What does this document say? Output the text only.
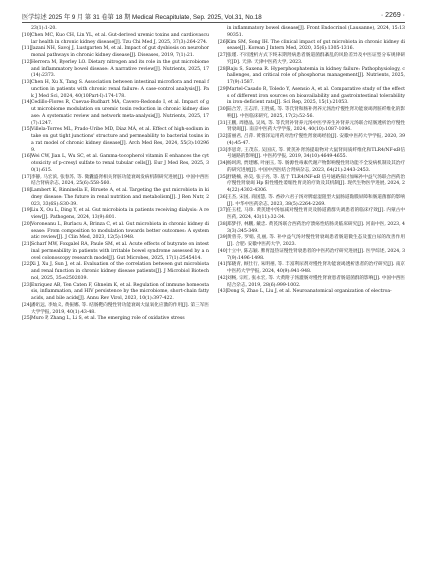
医学综述 2025 年 9 月 第 31 卷第 18 期 Medical Recapitulate, Sep. 2025, Vol.31, No.18	· 2269 ·
23(1):1-20.
[10] Chen MC, Kuo CH, Lin YL, et al. Gut-derived uremic toxins and cardiovascular health in chronic kidney disease[J]. Tzu Chi Med J, 2025, 37(3):264-274.
[11] Jazani NH, Savoj J, Lustgarten M, et al. Impact of gut dysbiosis on neurohormonal pathways in chronic kidney disease[J]. Diseases, 2019, 7(1):21.
[12] Herrera M, Byerley LO. Dietary nitrogen and its role in the gut microbiome and inflammatory bowel disease: A narrative review[J]. Nutrients, 2025, 17(14):2373.
[13] Chen H, Xu X, Tang S. Association between intestinal microflora and renal function in patients with chronic renal failure: A case-control analysis[J]. Pak J Med Sci, 2024, 40(10Part-I):174-178.
[14] Cedillo-Flores R, Cuevas-Budhart MA, Cavero-Redondo I, et al. Impact of gut microbiome modulation on uremic toxin reduction in chronic kidney disease: A systematic review and network meta-analysis[J]. Nutrients, 2025, 17(7):1247.
[15] Villela-Torres ML, Prado-Uribe MD, Díaz MÁ, et al. Effect of high-sodium intake on gut tight junctions' structure and permeability to bacterial toxins in a rat model of chronic kidney disease[J]. Arch Med Res, 2024, 55(3):102969.
[16] Wei CW, Jian L, Wu SC, et al. Gamma-tocopherol vitamin E enhances the cytotoxicity of p-cresyl sulfate to renal tubular cells[J]. Eur J Med Res, 2025, 30(1):615.
[17] 李静, 马宏滨, 张春苏, 等. 微囊盛肾相关肾脏功能衰竭发病机制研究进展[J]. 中国中西医结合肾病杂志, 2024, 25(6):558-560.
[18] Lambert K, Rinninella E, Biruete A, et al. Targeting the gut microbiota in kidney disease: The future in renal nutrition and metabolism[J]. J Ren Nutr, 2023, 33(6S):S30-39.
[19] Liu X, Ou L, Ding Y, et al. Gut microbiota in patients receiving dialysis: A review[J]. Pathogens, 2024, 13(9):801.
[20] Voroneanu L, Burlacu A, Brinza C, et al. Gut microbiota in chronic kidney disease: From composition to modulation towards better outcomes: A systematic review[J]. J Clin Med, 2023, 12(5):1948.
[21] Scharf MW, Foxgalel RA, Paule SM, et al. Acute effects of butyrate on intestinal permeability in patients with irritable bowel syndrome assessed by a novel colonoscopy research model[J]. Gut Microbes, 2025, 17(1):2545414.
[22] Xi J, Xu J, Sun J, et al. Evaluation of the correlation between gut microbiota and renal function in chronic kidney disease patients[J]. J Microbiol Biotechnol, 2025, 35:e2502039.
[23] Enriquez AB, Ten Caten F, Ghneim K, et al. Regulation of immune homeostasis, inflammation, and HIV persistence by the microbiome, short-chain fatty acids, and bile acids[J]. Annu Rev Virol, 2023, 10(1):397-422.
[24] 潘珩远, 李灿义, 黄振娜, 等. 结肠靶向慢性肾功能衰竭大鼠氧化应激的作用[J]. 第三军医大学学报, 2019, 40(1):43-48.
[25] Muro P, Zhang L, Li S, et al. The emerging role of oxidative stress
in inflammatory bowel disease[J]. Front Endocrinol (Lausanne), 2024, 15:1390351.
[26] Kim SM, Song IH. The clinical impact of gut microbiota in chronic kidney disease[J]. Korean J Intern Med, 2020, 35(6):1305-1316.
[27] 张瑾. 不同透析方式下终末期肾病患者肠道菌群紊乱的风险差异及中医证型分布规律研究[D]. 天津: 天津中医药大学, 2023.
[28] Raju S, Saxena R. Hyperphosphatemia in kidney failure: Pathophysiology, challenges, and critical role of phosphorus management[J]. Nutrients, 2025, 17(9):1587.
[29] Martel-Casado R, Toledo Y, Asensio A, et al. Comparative study of the effects of different iron sources on bioavailability and gastrointestinal tolerability in iron-deficient rats[J]. Sci Rep, 2025, 15(1):21053.
[30] 陆合芳, 王志洋, 王胜威, 等. 等氏肾和肠补肾养元汤治疗慢性肾功能衰竭肾脏纤维化的影响[J]. 中医临床研究, 2025, 17(2):52-56.
[31] 王鹏, 周德晶, 吴凤, 等. 等氏肾补肾养元汤中医学养生补肾养元汤联合结肠透析治疗慢性肾衰竭[J]. 南京中医药大学学报, 2024, 40(10):1087-1096.
[32] 雷丽君, 吕萍. 黄蓉泽运用药对治疗慢性肾衰竭经验[J]. 安徽中医药大学学报, 2020, 39(4):45-47.
[33] 李思奇, 王茂东, 吴国庆, 等. 黄芪补肾汤提取物对大鼠肾间质纤维化和TLR4/NF-κB信号通路的影响[J]. 中医药学报, 2019, 34(10):4649-4655.
[34] 杨珂鸿, 贾建娜, 叶丽玉, 等. 肠源性毒素代谢产物影响慢性肾功能不全发病机制及其治疗的研究进展[J]. 中国中西医结合肾病杂志, 2023, 64(21):2443-2453.
[35] 舒晓楠, 孙昊, 张子亮, 等. 基于 TLR4/NF-κB 信号通路探讨加味补中益气汤联合西药治疗慢性肾衰竭 Hp 阳性慢性萎缩性胃炎的疗效及其机制[J]. 现代生物医学进展, 2024, 24(22):4302-4306.
[36] 王杰, 宋国, 商国慧, 等. 香砂六君子汤对脾虚湿阻型大鼠肠道黏膜屏障和肠道菌群的影响[J]. 中华中医药杂志, 2023, 38(5):2264-2269.
[37] 任玉桂, 马珍. 黄芪建中汤加减对慢性胃炎及肠道菌群失调患者的临床疗效[J]. 内蒙古中医药, 2024, 43(11):32-34.
[38] 郑梦抒, 林鹏, 戴忠. 黄芪汤联合西药治疗溃疡性结肠炎临床研究[J]. 河南中医, 2023, 43(3):345-349.
[39] 黄曾芬, 罗娟, 孔丽, 等. 补中益气汤对慢性肾衰竭患者肠道微生态及蛋白尿的改善作用[J]. 合肥: 安徽中医药大学, 2023.
[40] 十立中, 陈志颖. 脾胃湿热证慢性肾衰患者的中医药治疗研究进展[J]. 医学综述, 2024, 37(9):1496-1498.
[41] 邹晓青, 顾仕行, 朱明禧, 等. 丰富利尿剂对慢性肾功能衰竭透析患者的治疗研究[J]. 南京中医药大学学报, 2024, 40(9):941-948.
[42] 刘畅, 宗红, 张永宏, 等. 大黄附子汤灌肠对慢性肾衰患者肠道菌群的影响[J]. 中国中西医结合杂志, 2019, 28(6):999-1002.
[43] Dong S, Zhao L, Liu J, et al. Neuroanatomical organization of electroa-
